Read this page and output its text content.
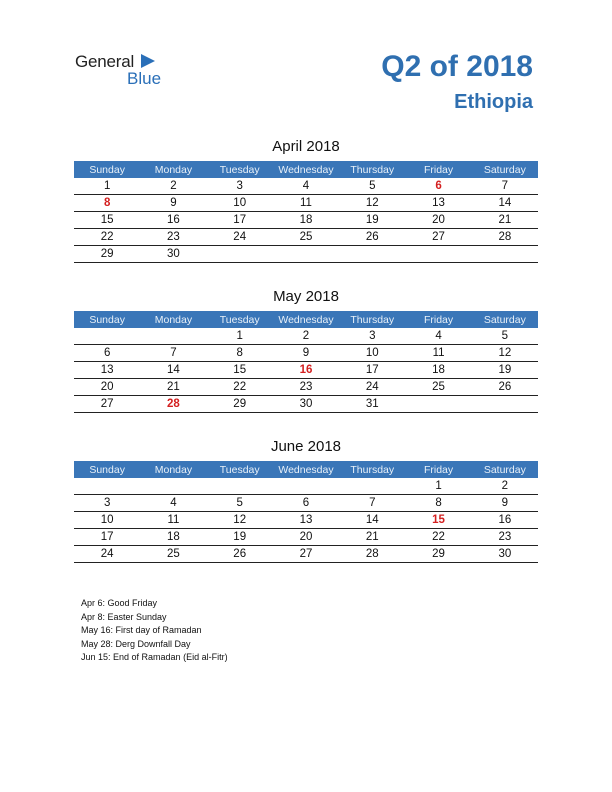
General
Blue	Q2 of 2018
Ethiopia
April 2018
Sunday	Monday	Tuesday	Wednesday	Thursday	Friday	Saturday
1	2	3	4	5	6	7
8	9	10	11	12	13	14
15	16	17	18	19	20	21
22	23	24	25	26	27	28
29	30					
May 2018
Sunday	Monday	Tuesday	Wednesday	Thursday	Friday	Saturday
		1	2	3	4	5
6	7	8	9	10	11	12
13	14	15	16	17	18	19
20	21	22	23	24	25	26
27	28	29	30	31		
June 2018
Sunday	Monday	Tuesday	Wednesday	Thursday	Friday	Saturday
					1	2
3	4	5	6	7	8	9
10	11	12	13	14	15	16
17	18	19	20	21	22	23
24	25	26	27	28	29	30
Apr 6: Good Friday
Apr 8: Easter Sunday
May 16: First day of Ramadan
May 28: Derg Downfall Day
Jun 15: End of Ramadan (Eid al-Fitr)
